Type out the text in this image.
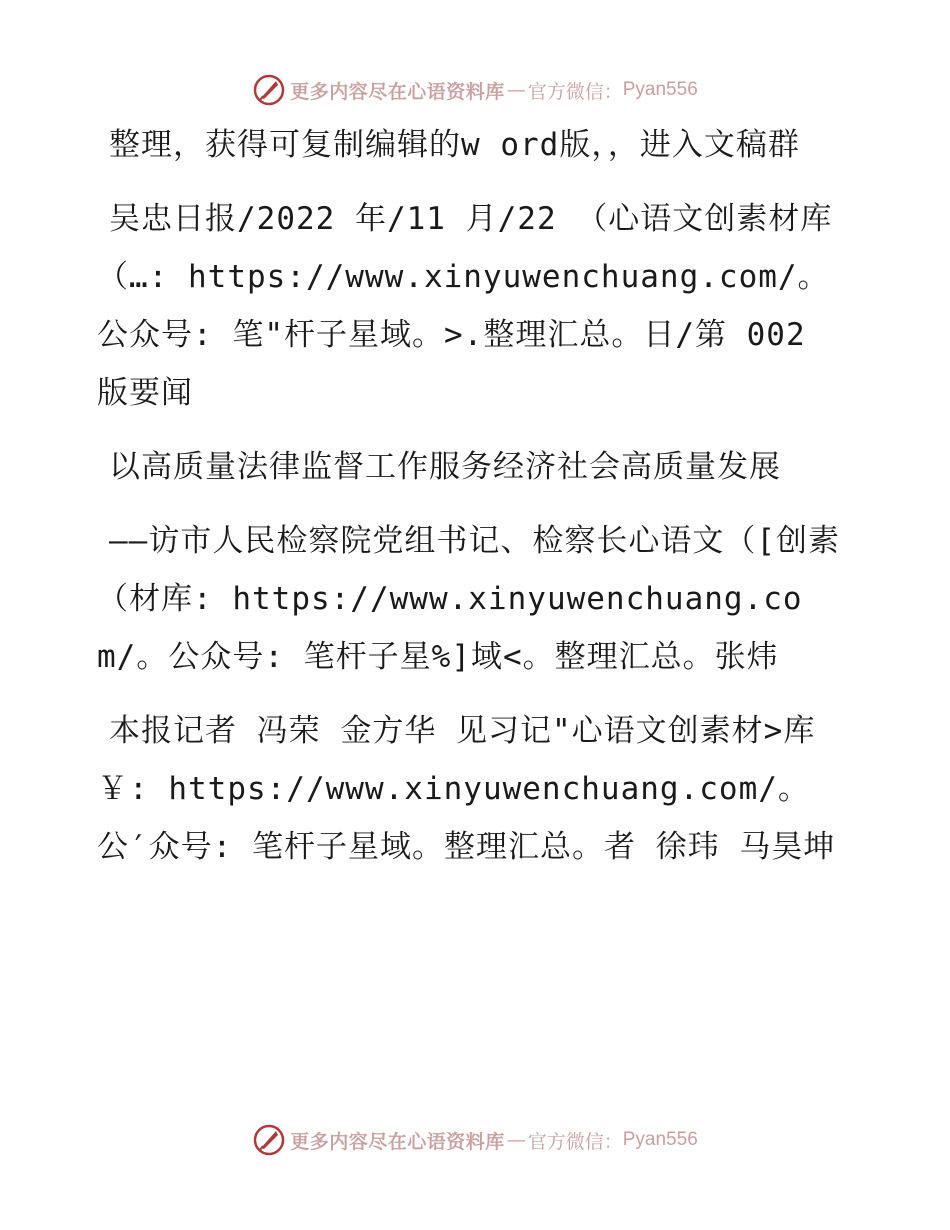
更多内容尽在心语资料库 — 官方微信： Pyan556

整理，获得可复制编辑的w ord版，，进入文稿群

吴忠日报/2022 年/11 月/22 （心语文创素材库（…: https://www.xinyuwenchuang.com/。公众号: 笔"杆子星域。>.整理汇总。日/第 002 版要闻

以高质量法律监督工作服务经济社会高质量发展

——访市人民检察院党组书记、检察长心语文（[创素（材库: https://www.xinyuwenchuang.com/。公众号: 笔杆子星%]域<。整理汇总。张炜

本报记者 冯荣 金方华 见习记"心语文创素材>库￥: https://www.xinyuwenchuang.com/。公′众号: 笔杆子星域。整理汇总。者 徐玮 马昊坤

更多内容尽在心语资料库 — 官方微信： Pyan556
